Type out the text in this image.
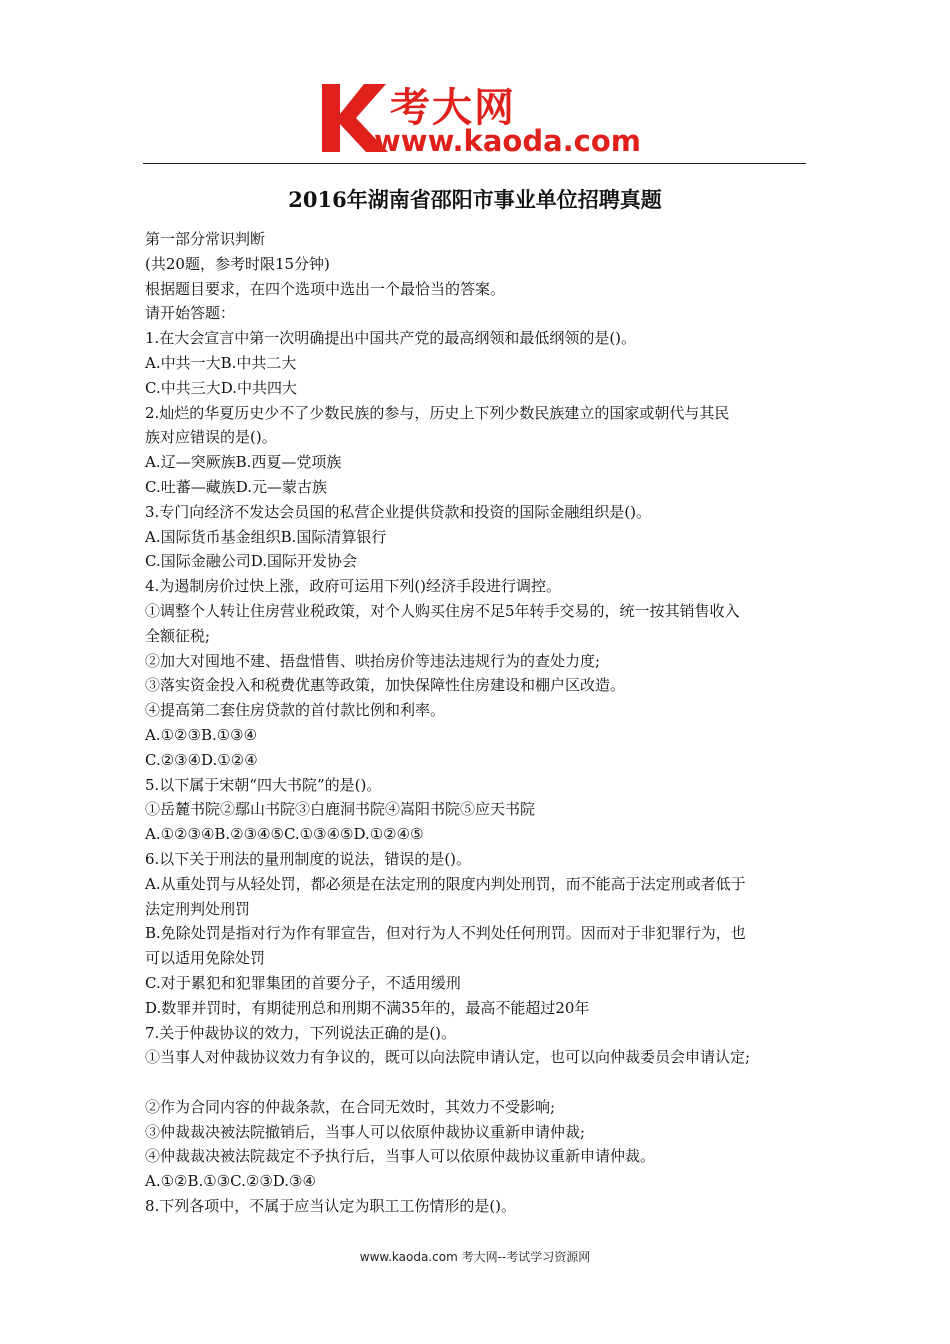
考大网
www.kaoda.com
2016年湖南省邵阳市事业单位招聘真题
第一部分常识判断
(共20题，参考时限15分钟)
根据题目要求，在四个选项中选出一个最恰当的答案。
请开始答题：
1.在大会宣言中第一次明确提出中国共产党的最高纲领和最低纲领的是()。
A.中共一大B.中共二大
C.中共三大D.中共四大
2.灿烂的华夏历史少不了少数民族的参与，历史上下列少数民族建立的国家或朝代与其民
族对应错误的是()。
A.辽—突厥族B.西夏—党项族
C.吐蕃—藏族D.元—蒙古族
3.专门向经济不发达会员国的私营企业提供贷款和投资的国际金融组织是()。
A.国际货币基金组织B.国际清算银行
C.国际金融公司D.国际开发协会
4.为遏制房价过快上涨，政府可运用下列()经济手段进行调控。
①调整个人转让住房营业税政策，对个人购买住房不足5年转手交易的，统一按其销售收入
全额征税;
②加大对囤地不建、捂盘惜售、哄抬房价等违法违规行为的查处力度;
③落实资金投入和税费优惠等政策，加快保障性住房建设和棚户区改造。
④提高第二套住房贷款的首付款比例和利率。
A.①②③B.①③④
C.②③④D.①②④
5.以下属于宋朝“四大书院”的是()。
①岳麓书院②鄢山书院③白鹿洞书院④嵩阳书院⑤应天书院
A.①②③④B.②③④⑤C.①③④⑤D.①②④⑤
6.以下关于刑法的量刑制度的说法，错误的是()。
A.从重处罚与从轻处罚，都必须是在法定刑的限度内判处刑罚，而不能高于法定刑或者低于
法定刑判处刑罚
B.免除处罚是指对行为作有罪宣告，但对行为人不判处任何刑罚。因而对于非犯罪行为，也
可以适用免除处罚
C.对于累犯和犯罪集团的首要分子，不适用缓刑
D.数罪并罚时，有期徒刑总和刑期不满35年的，最高不能超过20年
7.关于仲裁协议的效力，下列说法正确的是()。
①当事人对仲裁协议效力有争议的，既可以向法院申请认定，也可以向仲裁委员会申请认定;
②作为合同内容的仲裁条款，在合同无效时，其效力不受影响;
③仲裁裁决被法院撤销后，当事人可以依原仲裁协议重新申请仲裁;
④仲裁裁决被法院裁定不予执行后，当事人可以依原仲裁协议重新申请仲裁。
A.①②B.①③C.②③D.③④
8.下列各项中，不属于应当认定为职工工伤情形的是()。
www.kaoda.com 考大网--考试学习资源网
